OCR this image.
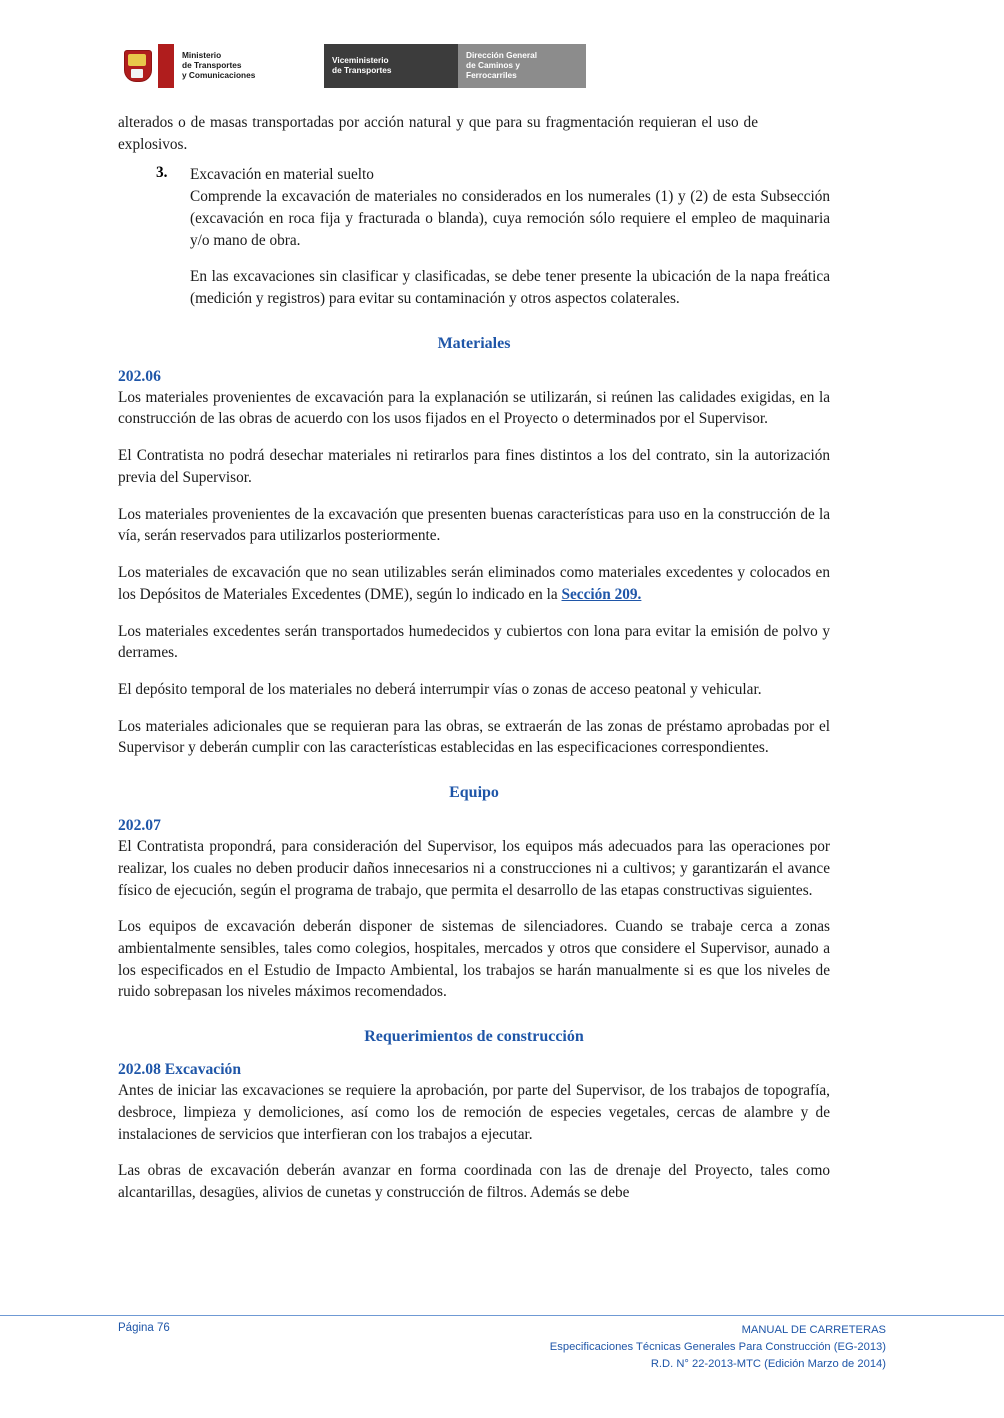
Ministerio
de Transportes
y Comunicaciones
Viceministerio
de Transportes
Dirección General
de Caminos y
Ferrocarriles

alterados o de masas transportadas por acción natural y que para su fragmentación requieran el uso de explosivos.

3. Excavación en material suelto

Comprende la excavación de materiales no considerados en los numerales (1) y (2) de esta Subsección (excavación en roca fija y fracturada o blanda), cuya remoción sólo requiere el empleo de maquinaria y/o mano de obra.

En las excavaciones sin clasificar y clasificadas, se debe tener presente la ubicación de la napa freática (medición y registros) para evitar su contaminación y otros aspectos colaterales.

Materiales
202.06

Los materiales provenientes de excavación para la explanación se utilizarán, si reúnen las calidades exigidas, en la construcción de las obras de acuerdo con los usos fijados en el Proyecto o determinados por el Supervisor.

El Contratista no podrá desechar materiales ni retirarlos para fines distintos a los del contrato, sin la autorización previa del Supervisor.

Los materiales provenientes de la excavación que presenten buenas características para uso en la construcción de la vía, serán reservados para utilizarlos posteriormente.

Los materiales de excavación que no sean utilizables serán eliminados como materiales excedentes y colocados en los Depósitos de Materiales Excedentes (DME), según lo indicado en la Sección 209.

Los materiales excedentes serán transportados humedecidos y cubiertos con lona para evitar la emisión de polvo y derrames.

El depósito temporal de los materiales no deberá interrumpir vías o zonas de acceso peatonal y vehicular.

Los materiales adicionales que se requieran para las obras, se extraerán de las zonas de préstamo aprobadas por el Supervisor y deberán cumplir con las características establecidas en las especificaciones correspondientes.

Equipo
202.07

El Contratista propondrá, para consideración del Supervisor, los equipos más adecuados para las operaciones por realizar, los cuales no deben producir daños innecesarios ni a construcciones ni a cultivos; y garantizarán el avance físico de ejecución, según el programa de trabajo, que permita el desarrollo de las etapas constructivas siguientes.

Los equipos de excavación deberán disponer de sistemas de silenciadores. Cuando se trabaje cerca a zonas ambientalmente sensibles, tales como colegios, hospitales, mercados y otros que considere el Supervisor, aunado a los especificados en el Estudio de Impacto Ambiental, los trabajos se harán manualmente si es que los niveles de ruido sobrepasan los niveles máximos recomendados.

Requerimientos de construcción
202.08 Excavación

Antes de iniciar las excavaciones se requiere la aprobación, por parte del Supervisor, de los trabajos de topografía, desbroce, limpieza y demoliciones, así como los de remoción de especies vegetales, cercas de alambre y de instalaciones de servicios que interfieran con los trabajos a ejecutar.

Las obras de excavación deberán avanzar en forma coordinada con las de drenaje del Proyecto, tales como alcantarillas, desagües, alivios de cunetas y construcción de filtros. Además se debe

Página 76	MANUAL DE CARRETERAS
Especificaciones Técnicas Generales Para Construcción (EG-2013)
R.D. N° 22-2013-MTC (Edición Marzo de 2014)
